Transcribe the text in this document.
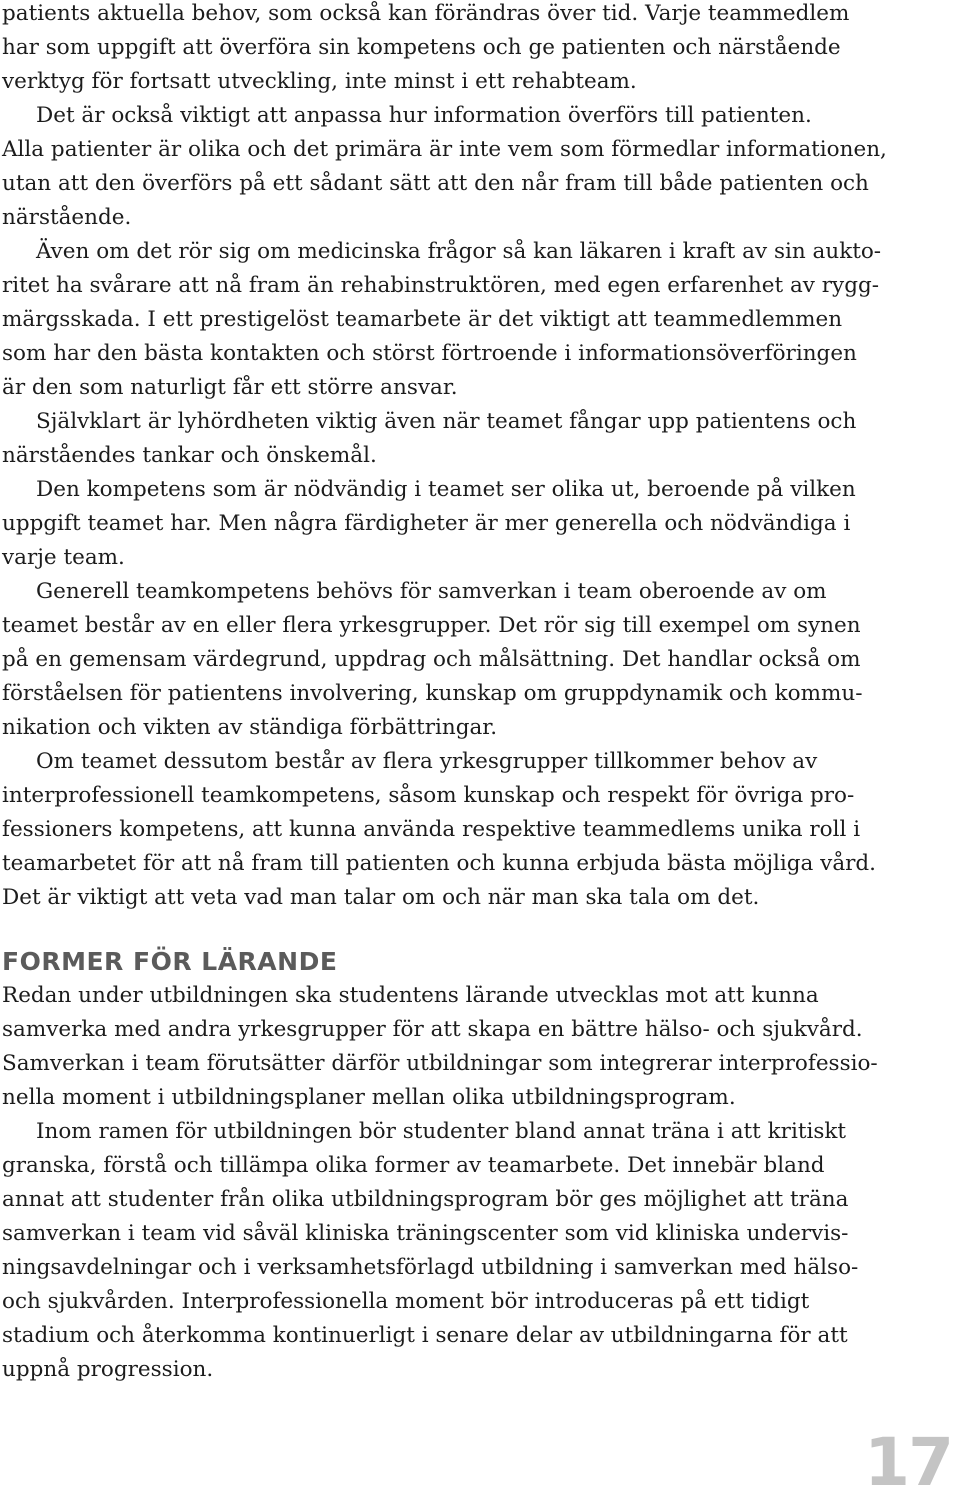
patients aktuella behov, som också kan förändras över tid. Varje teammedlem
har som uppgift att överföra sin kompetens och ge patienten och närstående
verktyg för fortsatt utveckling, inte minst i ett rehabteam.
Det är också viktigt att anpassa hur information överförs till patienten.
Alla patienter är olika och det primära är inte vem som förmedlar informationen,
utan att den överförs på ett sådant sätt att den når fram till både patienten och
närstående.
Även om det rör sig om medicinska frågor så kan läkaren i kraft av sin aukto-
ritet ha svårare att nå fram än rehabinstruktören, med egen erfarenhet av rygg-
märgsskada. I ett prestigelöst teamarbete är det viktigt att teammedlemmen
som har den bästa kontakten och störst förtroende i informationsöverföringen
är den som naturligt får ett större ansvar.
Självklart är lyhördheten viktig även när teamet fångar upp patientens och
närståendes tankar och önskemål.
Den kompetens som är nödvändig i teamet ser olika ut, beroende på vilken
uppgift teamet har. Men några färdigheter är mer generella och nödvändiga i
varje team.
Generell teamkompetens behövs för samverkan i team oberoende av om
teamet består av en eller flera yrkesgrupper. Det rör sig till exempel om synen
på en gemensam värdegrund, uppdrag och målsättning. Det handlar också om
förståelsen för patientens involvering, kunskap om gruppdynamik och kommu-
nikation och vikten av ständiga förbättringar.
Om teamet dessutom består av flera yrkesgrupper tillkommer behov av
interprofessionell teamkompetens, såsom kunskap och respekt för övriga pro-
fessioners kompetens, att kunna använda respektive teammedlems unika roll i
teamarbetet för att nå fram till patienten och kunna erbjuda bästa möjliga vård.
Det är viktigt att veta vad man talar om och när man ska tala om det.
FORMER FÖR LÄRANDE
Redan under utbildningen ska studentens lärande utvecklas mot att kunna
samverka med andra yrkesgrupper för att skapa en bättre hälso- och sjukvård.
Samverkan i team förutsätter därför utbildningar som integrerar interprofessio-
nella moment i utbildningsplaner mellan olika utbildningsprogram.
Inom ramen för utbildningen bör studenter bland annat träna i att kritiskt
granska, förstå och tillämpa olika former av teamarbete. Det innebär bland
annat att studenter från olika utbildningsprogram bör ges möjlighet att träna
samverkan i team vid såväl kliniska träningscenter som vid kliniska undervis-
ningsavdelningar och i verksamhetsförlagd utbildning i samverkan med hälso-
och sjukvården. Interprofessionella moment bör introduceras på ett tidigt
stadium och återkomma kontinuerligt i senare delar av utbildningarna för att
uppnå progression.
17
